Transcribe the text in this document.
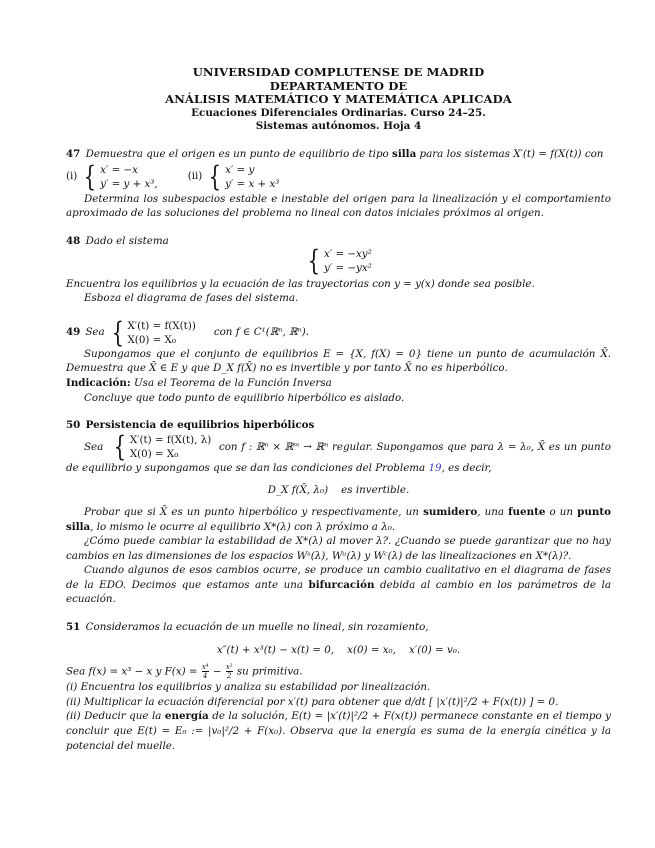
UNIVERSIDAD COMPLUTENSE DE MADRID
DEPARTAMENTO DE
ANÁLISIS MATEMÁTICO Y MATEMÁTICA APLICADA
Ecuaciones Diferenciales Ordinarias. Curso 24–25.
Sistemas autónomos. Hoja 4
47 Demuestra que el origen es un punto de equilibrio de tipo silla para los sistemas X′(t) = f(X(t)) con
(i) { x′ = −x
y′ = y + x³,
(ii) { x′ = y
y′ = x + x³
Determina los subespacios estable e inestable del origen para la linealización y el comportamiento aproximado de las soluciones del problema no lineal con datos iniciales próximos al origen.
48 Dado el sistema
{ x′ = −xy²
y′ = −yx²
Encuentra los equilibrios y la ecuación de las trayectorias con y = y(x) donde sea posible.
Esboza el diagrama de fases del sistema.
49 Sea { X′(t) = f(X(t))
X(0) = X₀
con f ∈ C¹(ℝⁿ, ℝⁿ).
Supongamos que el conjunto de equilibrios E = {X, f(X) = 0} tiene un punto de acumulación X̄. Demuestra que X̄ ∈ E y que D_X f(X̄) no es invertible y por tanto X̄ no es hiperbólico.
Indicación: Usa el Teorema de la Función Inversa
Concluye que todo punto de equilibrio hiperbólico es aislado.
50 Persistencia de equilibrios hiperbólicos
Sea { X′(t) = f(X(t), λ)
X(0) = X₀
con f : ℝⁿ × ℝᵐ → ℝⁿ regular. Supongamos que para λ = λ₀, X̄ es un punto de equilibrio y supongamos que se dan las condiciones del Problema 19, es decir,
D_X f(X̄, λ₀)    es invertible.
Probar que si X̄ es un punto hiperbólico y respectivamente, un sumidero, una fuente o un punto silla, lo mismo le ocurre al equilibrio X*(λ) con λ próximo a λ₀.
¿Cómo puede cambiar la estabilidad de X*(λ) al mover λ?. ¿Cuando se puede garantizar que no hay cambios en las dimensiones de los espacios Wˢ(λ), Wᵘ(λ) y Wᶜ(λ) de las linealizaciones en X*(λ)?.
Cuando algunos de esos cambios ocurre, se produce un cambio cualitativo en el diagrama de fases de la EDO. Decimos que estamos ante una bifurcación debida al cambio en los parámetros de la ecuación.
51 Consideramos la ecuación de un muelle no lineal, sin rozamiento,
x″(t) + x³(t) − x(t) = 0,    x(0) = x₀,    x′(0) = v₀.
Sea f(x) = x³ − x y $F(x) = \frac{\text{x⁴}}{4} - \frac{\text{x²}}{2}$ su primitiva.
(i) Encuentra los equilibrios y analiza su estabilidad por linealización.
(ii) Multiplicar la ecuación diferencial por x′(t) para obtener que d/dt [ |x′(t)|²/2 + F(x(t)) ] = 0.
(ii) Deducir que la energía de la solución, E(t) = |x′(t)|²/2 + F(x(t)) permanece constante en el tiempo y concluir que E(t) = E₀ := |v₀|²/2 + F(x₀). Observa que la energía es suma de la energía cinética y la potencial del muelle.
